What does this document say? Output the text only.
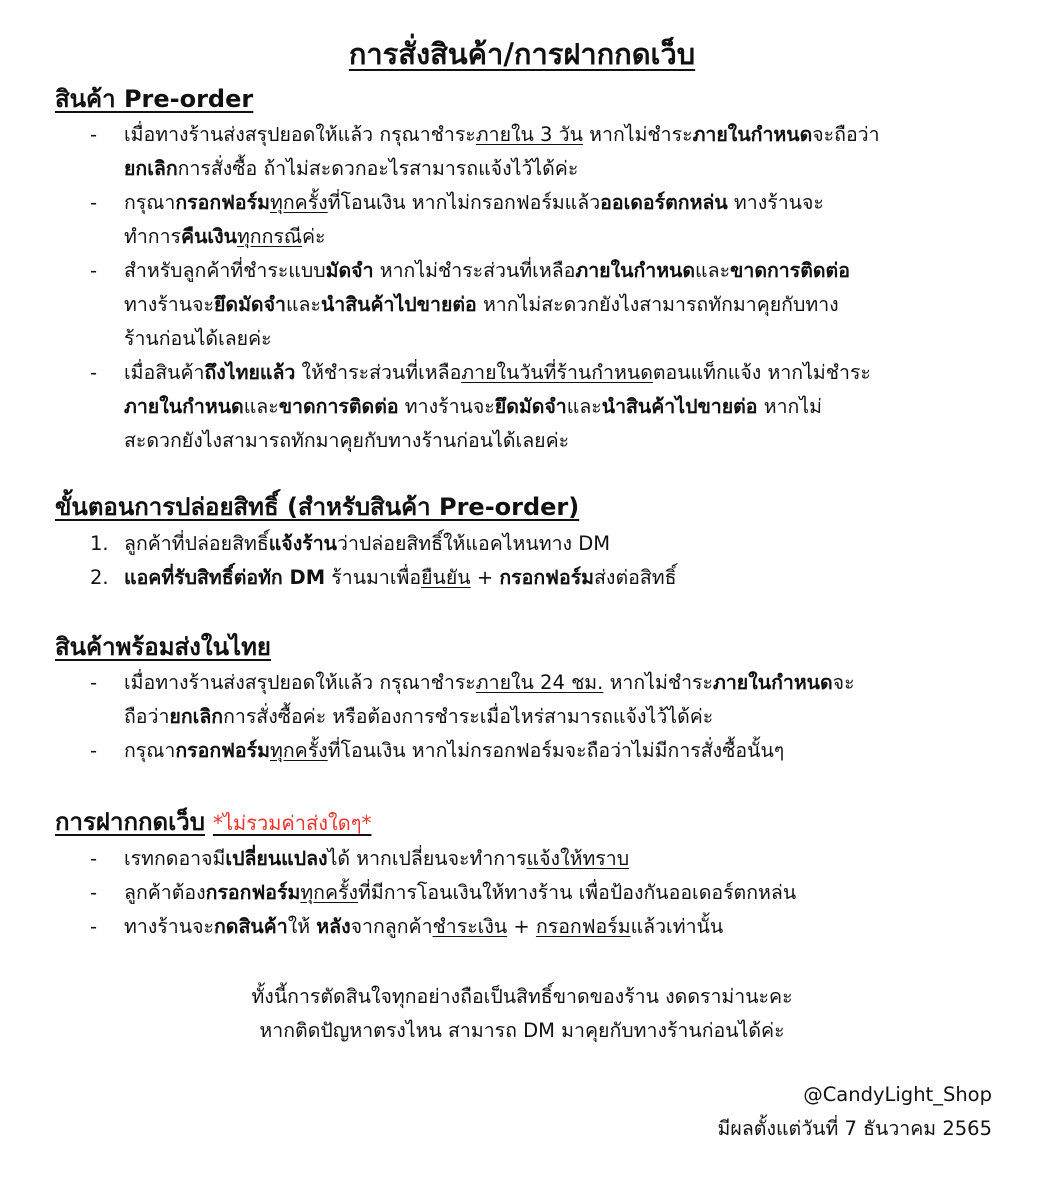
การสั่งสินค้า/การฝากกดเว็บ
สินค้า Pre-order
- เมื่อทางร้านส่งสรุปยอดให้แล้ว กรุณาชำระภายใน 3 วัน หากไม่ชำระภายในกำหนดจะถือว่า
ยกเลิกการสั่งซื้อ ถ้าไม่สะดวกอะไรสามารถแจ้งไว้ได้ค่ะ
- กรุณากรอกฟอร์มทุกครั้งที่โอนเงิน หากไม่กรอกฟอร์มแล้วออเดอร์ตกหล่น ทางร้านจะ
ทำการคืนเงินทุกกรณีค่ะ
- สำหรับลูกค้าที่ชำระแบบมัดจำ หากไม่ชำระส่วนที่เหลือภายในกำหนดและขาดการติดต่อ
ทางร้านจะยึดมัดจำและนำสินค้าไปขายต่อ หากไม่สะดวกยังไงสามารถทักมาคุยกับทาง
ร้านก่อนได้เลยค่ะ
- เมื่อสินค้าถึงไทยแล้ว ให้ชำระส่วนที่เหลือภายในวันที่ร้านกำหนดตอนแท็กแจ้ง หากไม่ชำระ
ภายในกำหนดและขาดการติดต่อ ทางร้านจะยึดมัดจำและนำสินค้าไปขายต่อ หากไม่
สะดวกยังไงสามารถทักมาคุยกับทางร้านก่อนได้เลยค่ะ
ขั้นตอนการปล่อยสิทธิ์ (สำหรับสินค้า Pre-order)
1. ลูกค้าที่ปล่อยสิทธิ์แจ้งร้านว่าปล่อยสิทธิ์ให้แอคไหนทาง DM
2. แอคที่รับสิทธิ์ต่อทัก DM ร้านมาเพื่อยืนยัน + กรอกฟอร์มส่งต่อสิทธิ์
สินค้าพร้อมส่งในไทย
- เมื่อทางร้านส่งสรุปยอดให้แล้ว กรุณาชำระภายใน 24 ชม. หากไม่ชำระภายในกำหนดจะ
ถือว่ายกเลิกการสั่งซื้อค่ะ หรือต้องการชำระเมื่อไหร่สามารถแจ้งไว้ได้ค่ะ
- กรุณากรอกฟอร์มทุกครั้งที่โอนเงิน หากไม่กรอกฟอร์มจะถือว่าไม่มีการสั่งซื้อนั้นๆ
การฝากกดเว็บ *ไม่รวมค่าส่งใดๆ*
- เรทกดอาจมีเปลี่ยนแปลงได้ หากเปลี่ยนจะทำการแจ้งให้ทราบ
- ลูกค้าต้องกรอกฟอร์มทุกครั้งที่มีการโอนเงินให้ทางร้าน เพื่อป้องกันออเดอร์ตกหล่น
- ทางร้านจะกดสินค้าให้ หลังจากลูกค้าชำระเงิน + กรอกฟอร์มแล้วเท่านั้น
ทั้งนี้การตัดสินใจทุกอย่างถือเป็นสิทธิ์ขาดของร้าน งดดราม่านะคะ
หากติดปัญหาตรงไหน สามารถ DM มาคุยกับทางร้านก่อนได้ค่ะ
@CandyLight_Shop
มีผลตั้งแต่วันที่ 7 ธันวาคม 2565
